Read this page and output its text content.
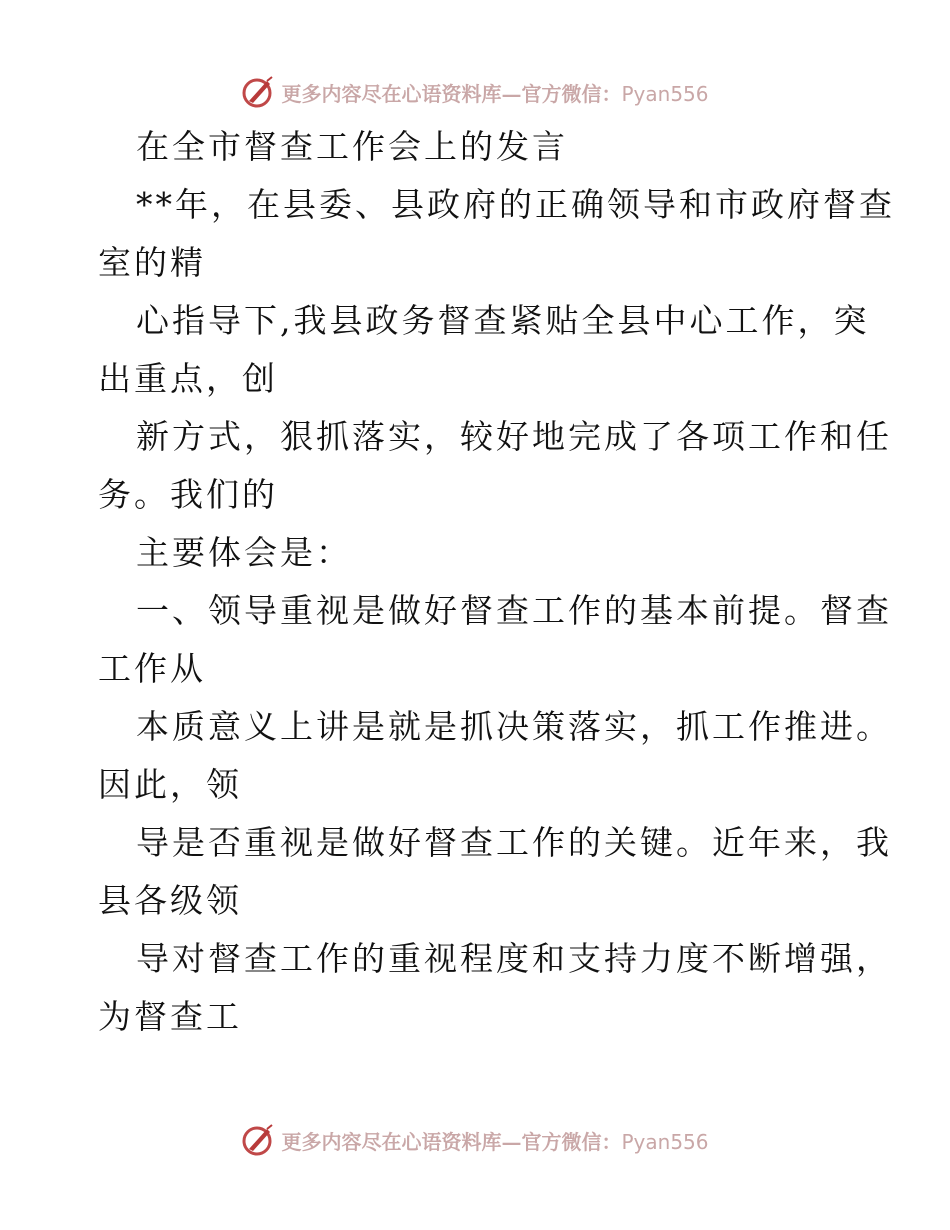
更多内容尽在心语资料库—官方微信：Pyan556
在全市督查工作会上的发言
**年，在县委、县政府的正确领导和市政府督查
室的精
心指导下,我县政务督查紧贴全县中心工作，突
出重点，创
新方式，狠抓落实，较好地完成了各项工作和任
务。我们的
主要体会是：
一、领导重视是做好督查工作的基本前提。督查
工作从
本质意义上讲是就是抓决策落实，抓工作推进。
因此，领
导是否重视是做好督查工作的关键。近年来，我
县各级领
导对督查工作的重视程度和支持力度不断增强，
为督查工
更多内容尽在心语资料库—官方微信：Pyan556
